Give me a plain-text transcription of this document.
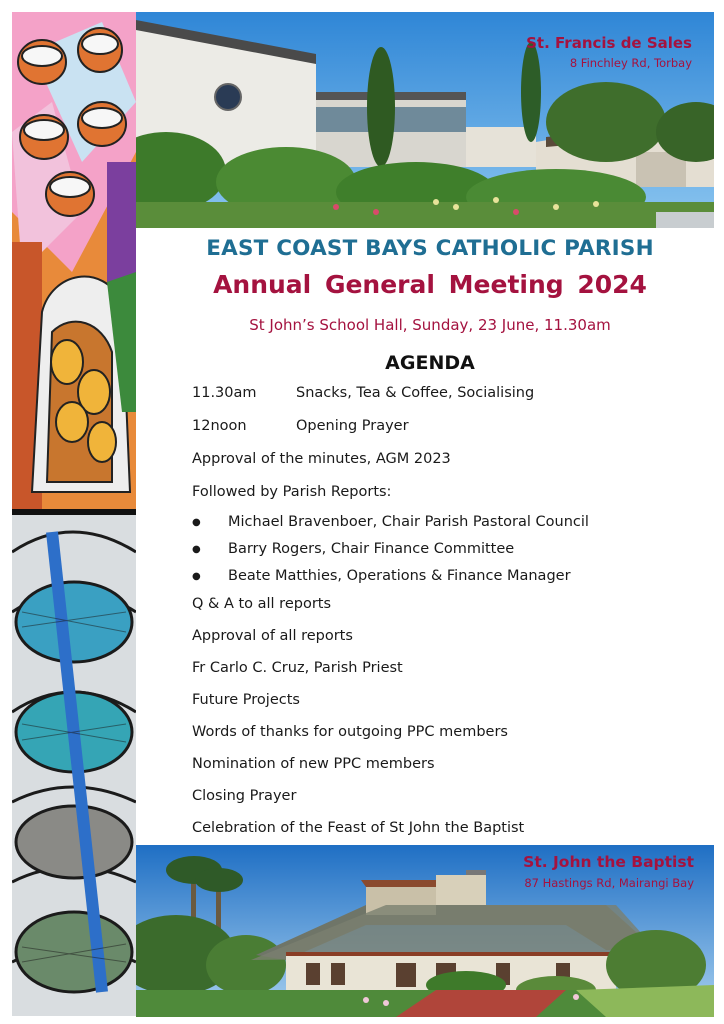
St. Francis de Sales
8 Finchley Rd, Torbay
EAST COAST BAYS CATHOLIC PARISH
Annual General Meeting 2024
St John’s School Hall, Sunday, 23 June, 11.30am
AGENDA
11.30am	Snacks, Tea & Coffee, Socialising
12noon	Opening Prayer
Approval of the minutes, AGM 2023
Followed by Parish Reports:
● Michael Bravenboer, Chair Parish Pastoral Council
● Barry Rogers, Chair Finance Committee
● Beate Matthies, Operations & Finance Manager
Q & A to all reports
Approval of all reports
Fr Carlo C. Cruz, Parish Priest
Future Projects
Words of thanks for outgoing PPC members
Nomination of new PPC members
Closing Prayer
Celebration of the Feast of St John the Baptist
St. John the Baptist
87 Hastings Rd, Mairangi Bay
